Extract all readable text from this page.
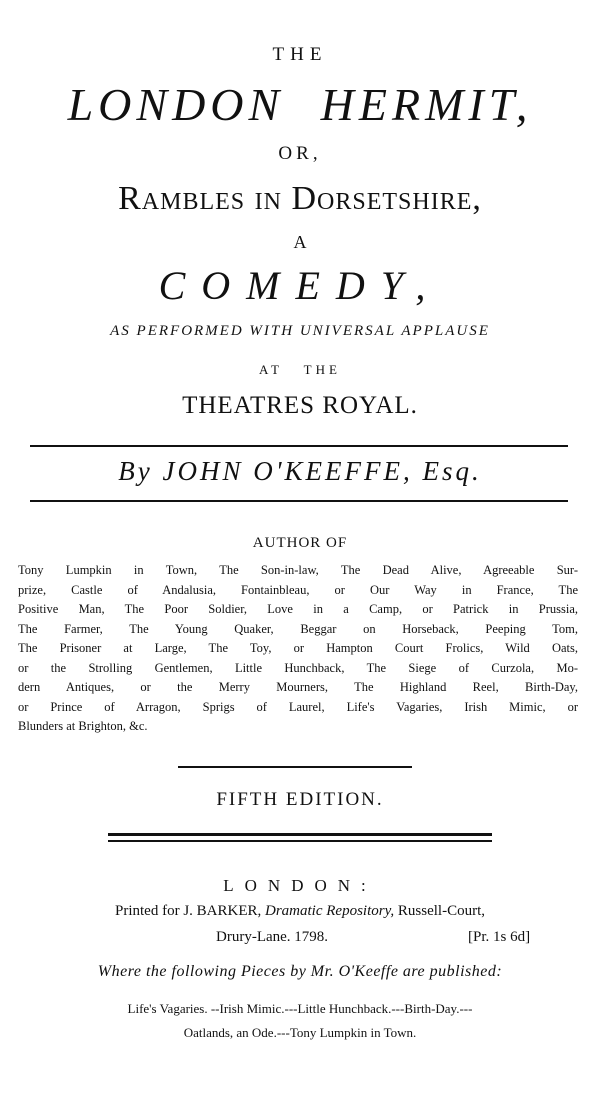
THE
LONDON HERMIT,
OR,
Rambles in Dorsetshire,
A
COMEDY,
AS PERFORMED WITH UNIVERSAL APPLAUSE
AT THE
THEATRES ROYAL.
By JOHN O'KEEFFE, Esq.
AUTHOR OF
Tony Lumpkin in Town, The Son-in-law, The Dead Alive, Agreeable Sur-
prize, Castle of Andalusia, Fontainbleau, or Our Way in France, The
Positive Man, The Poor Soldier, Love in a Camp, or Patrick in Prussia,
The Farmer, The Young Quaker, Beggar on Horseback, Peeping Tom,
The Prisoner at Large, The Toy, or Hampton Court Frolics, Wild Oats,
or the Strolling Gentlemen, Little Hunchback, The Siege of Curzola, Mo-
dern Antiques, or the Merry Mourners, The Highland Reel, Birth-Day,
or Prince of Arragon, Sprigs of Laurel, Life's Vagaries, Irish Mimic, or
Blunders at Brighton, &c.
FIFTH EDITION.
LONDON:
Printed for J. BARKER, Dramatic Repository, Russell-Court,
Drury-Lane. 1798.	[Pr. 1s 6d]
Where the following Pieces by Mr. O'Keeffe are published:
Life's Vagaries. --Irish Mimic.---Little Hunchback.---Birth-Day.---
Oatlands, an Ode.---Tony Lumpkin in Town.
